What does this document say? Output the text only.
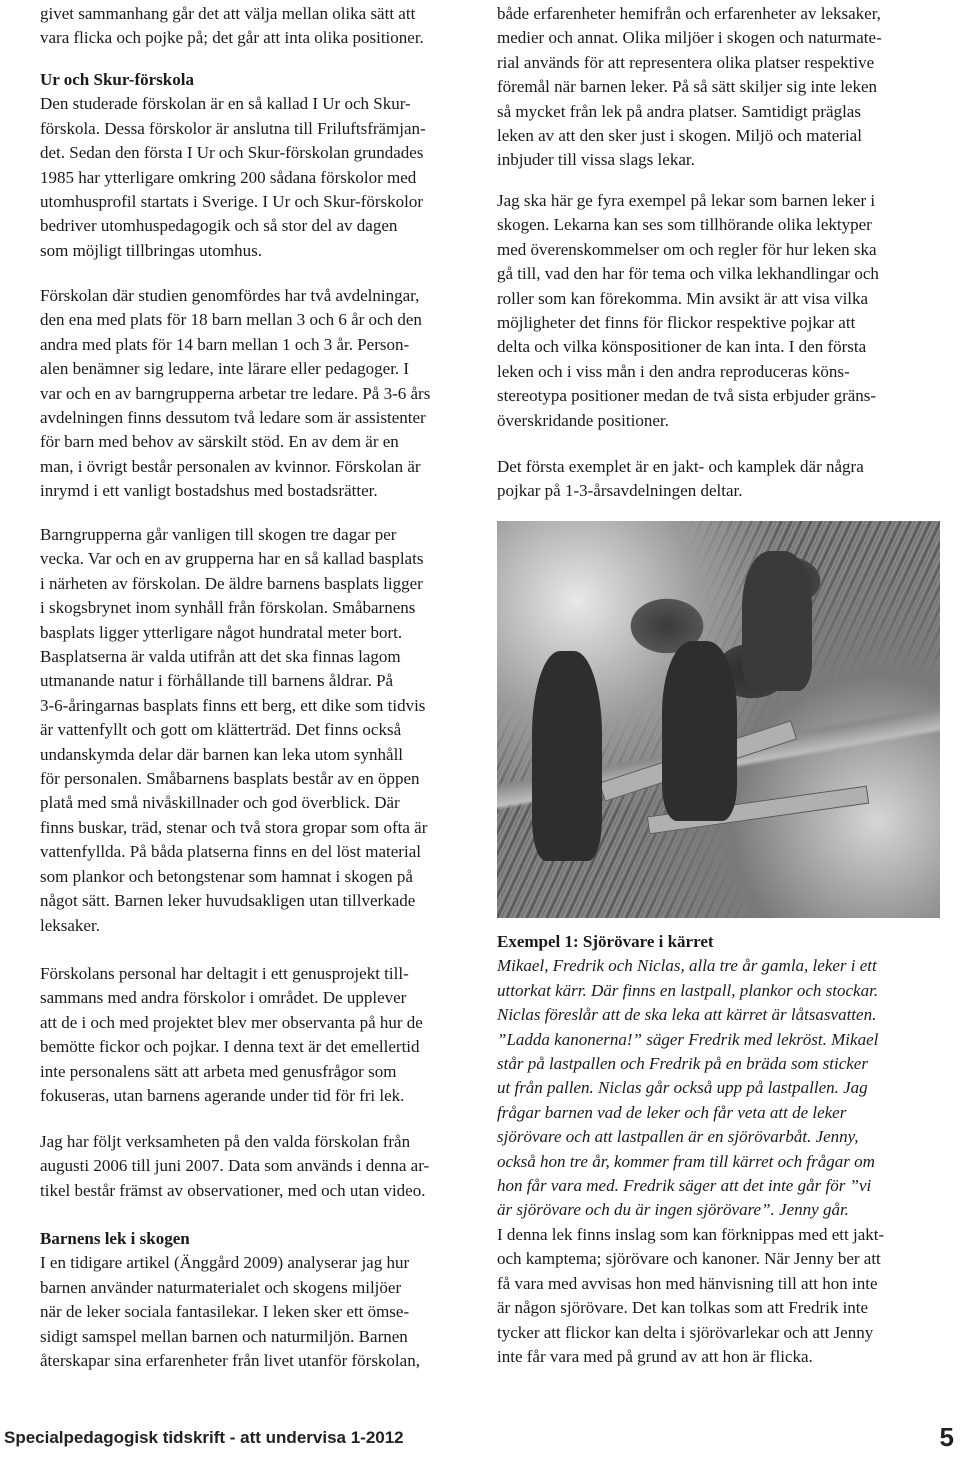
givet sammanhang går det att välja mellan olika sätt att
vara flicka och pojke på; det går att inta olika positioner.
Ur och Skur-förskola
Den studerade förskolan är en så kallad I Ur och Skur-
förskola. Dessa förskolor är anslutna till Friluftsfrämjan-
det. Sedan den första I Ur och Skur-förskolan grundades
1985 har ytterligare omkring 200 sådana förskolor med
utomhusprofil startats i Sverige. I Ur och Skur-förskolor
bedriver utomhuspedagogik och så stor del av dagen
som möjligt tillbringas utomhus.
Förskolan där studien genomfördes har två avdelningar,
den ena med plats för 18 barn mellan 3 och 6 år och den
andra med plats för 14 barn mellan 1 och 3 år. Person-
alen benämner sig ledare, inte lärare eller pedagoger. I
var och en av barngrupperna arbetar tre ledare. På 3-6 års
avdelningen finns dessutom två ledare som är assistenter
för barn med behov av särskilt stöd. En av dem är en
man, i övrigt består personalen av kvinnor. Förskolan är
inrymd i ett vanligt bostadshus med bostadsrätter.
Barngrupperna går vanligen till skogen tre dagar per
vecka. Var och en av grupperna har en så kallad basplats
i närheten av förskolan. De äldre barnens basplats ligger
i skogsbrynet inom synhåll från förskolan. Småbarnens
basplats ligger ytterligare något hundratal meter bort.
Basplatserna är valda utifrån att det ska finnas lagom
utmanande natur i förhållande till barnens åldrar. På
3-6-åringarnas basplats finns ett berg, ett dike som tidvis
är vattenfyllt och gott om klätterträd. Det finns också
undanskymda delar där barnen kan leka utom synhåll
för personalen. Småbarnens basplats består av en öppen
platå med små nivåskillnader och god överblick. Där
finns buskar, träd, stenar och två stora gropar som ofta är
vattenfyllda. På båda platserna finns en del löst material
som plankor och betongstenar som hamnat i skogen på
något sätt. Barnen leker huvudsakligen utan tillverkade
leksaker.
Förskolans personal har deltagit i ett genusprojekt till-
sammans med andra förskolor i området. De upplever
att de i och med projektet blev mer observanta på hur de
bemötte fickor och pojkar. I denna text är det emellertid
inte personalens sätt att arbeta med genusfrågor som
fokuseras, utan barnens agerande under tid för fri lek.
Jag har följt verksamheten på den valda förskolan från
augusti 2006 till juni 2007. Data som används i denna ar-
tikel består främst av observationer, med och utan video.
Barnens lek i skogen
I en tidigare artikel (Änggård 2009) analyserar jag hur
barnen använder naturmaterialet och skogens miljöer
när de leker sociala fantasilekar. I leken sker ett ömse-
sidigt samspel mellan barnen och naturmiljön. Barnen
återskapar sina erfarenheter från livet utanför förskolan,
både erfarenheter hemifrån och erfarenheter av leksaker,
medier och annat. Olika miljöer i skogen och naturmate-
rial används för att representera olika platser respektive
föremål när barnen leker. På så sätt skiljer sig inte leken
så mycket från lek på andra platser. Samtidigt präglas
leken av att den sker just i skogen. Miljö och material
inbjuder till vissa slags lekar.
Jag ska här ge fyra exempel på lekar som barnen leker i
skogen. Lekarna kan ses som tillhörande olika lektyper
med överenskommelser om och regler för hur leken ska
gå till, vad den har för tema och vilka lekhandlingar och
roller som kan förekomma. Min avsikt är att visa vilka
möjligheter det finns för flickor respektive pojkar att
delta och vilka könspositioner de kan inta. I den första
leken och i viss mån i den andra reproduceras köns-
stereotypa positioner medan de två sista erbjuder gräns-
överskridande positioner.
Det första exemplet är en jakt- och kamplek där några
pojkar på 1-3-årsavdelningen deltar.
Exempel 1: Sjörövare i kärret
Mikael, Fredrik och Niclas, alla tre år gamla, leker i ett
uttorkat kärr. Där finns en lastpall, plankor och stockar.
Niclas föreslår att de ska leka att kärret är låtsasvatten.
”Ladda kanonerna!” säger Fredrik med lekröst. Mikael
står på lastpallen och Fredrik på en bräda som sticker
ut från pallen. Niclas går också upp på lastpallen. Jag
frågar barnen vad de leker och får veta att de leker
sjörövare och att lastpallen är en sjörövarbåt. Jenny,
också hon tre år, kommer fram till kärret och frågar om
hon får vara med. Fredrik säger att det inte går för ”vi
är sjörövare och du är ingen sjörövare”. Jenny går.
I denna lek finns inslag som kan förknippas med ett jakt-
och kamptema; sjörövare och kanoner. När Jenny ber att
få vara med avvisas hon med hänvisning till att hon inte
är någon sjörövare. Det kan tolkas som att Fredrik inte
tycker att flickor kan delta i sjörövarlekar och att Jenny
inte får vara med på grund av att hon är flicka.
Specialpedagogisk tidskrift - att undervisa 1-2012	5
